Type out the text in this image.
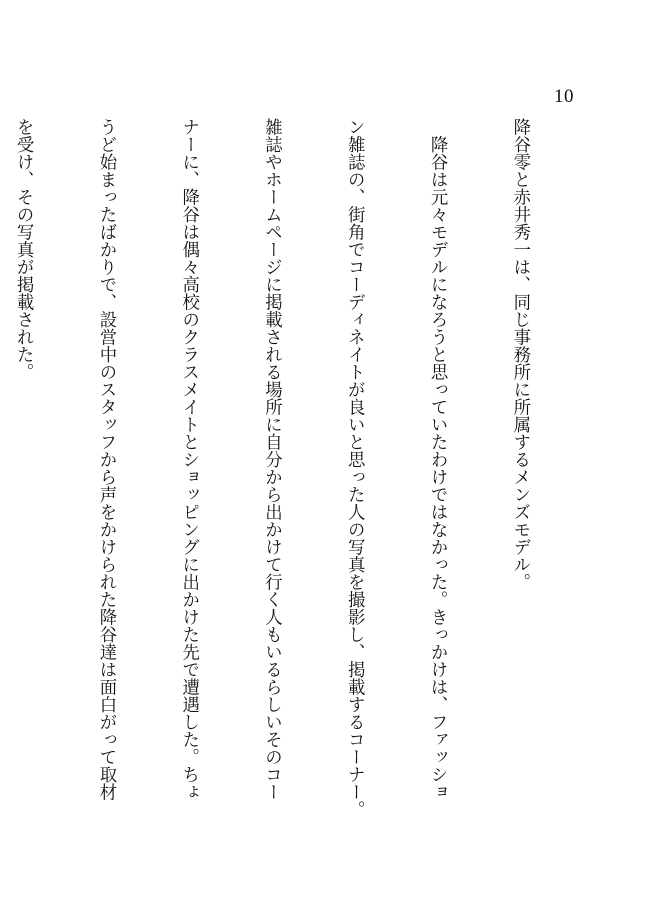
10

降谷零と赤井秀一は、同じ事務所に所属するメンズモデル。

　降谷は元々モデルになろうと思っていたわけではなかった。きっかけは、ファッショ

ン雑誌の、街角でコーディネイトが良いと思った人の写真を撮影し、掲載するコーナー。

雑誌やホームページに掲載される場所に自分から出かけて行く人もいるらしいそのコー

ナーに、降谷は偶々高校のクラスメイトとショッピングに出かけた先で遭遇した。ちょ

うど始まったばかりで、設営中のスタッフから声をかけられた降谷達は面白がって取材

を受け、その写真が掲載された。
